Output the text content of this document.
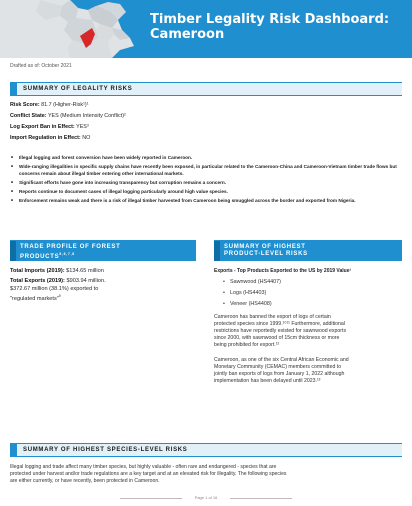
Timber Legality Risk Dashboard:
Cameroon
Drafted as of: October 2021
SUMMARY OF LEGALITY RISKS
Risk Score: 81.7 (Higher-Risk¹)¹
Conflict State: YES (Medium Intensity Conflict)²
Log Export Ban in Effect: YES³
Import Regulation in Effect: NO
• Illegal logging and forest conversion have been widely reported in Cameroon.
• Wide-ranging illegalities in specific supply chains have recently been exposed, in particular related to the Cameroon-China and Cameroon-Vietnam timber trade flows but concerns remain about illegal timber entering other international markets.
• Significant efforts have gone into increasing transparency but corruption remains a concern.
• Reports continue to document cases of illegal logging particularly around high value species.
• Enforcement remains weak and there is a risk of illegal timber harvested from Cameroon being smuggled across the border and exported from Nigeria.
TRADE PROFILE OF FOREST
PRODUCTS$^{5,6,7,8}$
Total Imports (2019): $134.65 million
Total Exports (2019): $903.94 million.
$372.67 million (38.1%) exported to
"regulated markets"$^9$
SUMMARY OF HIGHEST
PRODUCT-LEVEL RISKS
Exports - Top Products Exported to the US by 2019 Value¹
• Sawnwood (HS4407)
• Logs (HS4403)
• Veneer (HS4408)
Cameroon has banned the export of logs of certain
protected species since 1999.¹⁰¹¹ Furthermore, additional
restrictions have reportedly existed for sawnwood exports
since 2000, with sawnwood of 15cm thickness or more
being prohibited for export.¹²
Cameroon, as one of the six Central African Economic and
Monetary Community (CEMAC) members committed to
jointly ban exports of logs from January 1, 2022 although
implementation has been delayed until 2023.¹³
SUMMARY OF HIGHEST SPECIES-LEVEL RISKS
Illegal logging and trade affect many timber species, but highly valuable - often rare and endangered - species that are
protected under harvest and/or trade regulations are a key target and at an elevated risk for illegality. The following species
are either currently, or have recently, been protected in Cameroon.
Page 1 of 16
